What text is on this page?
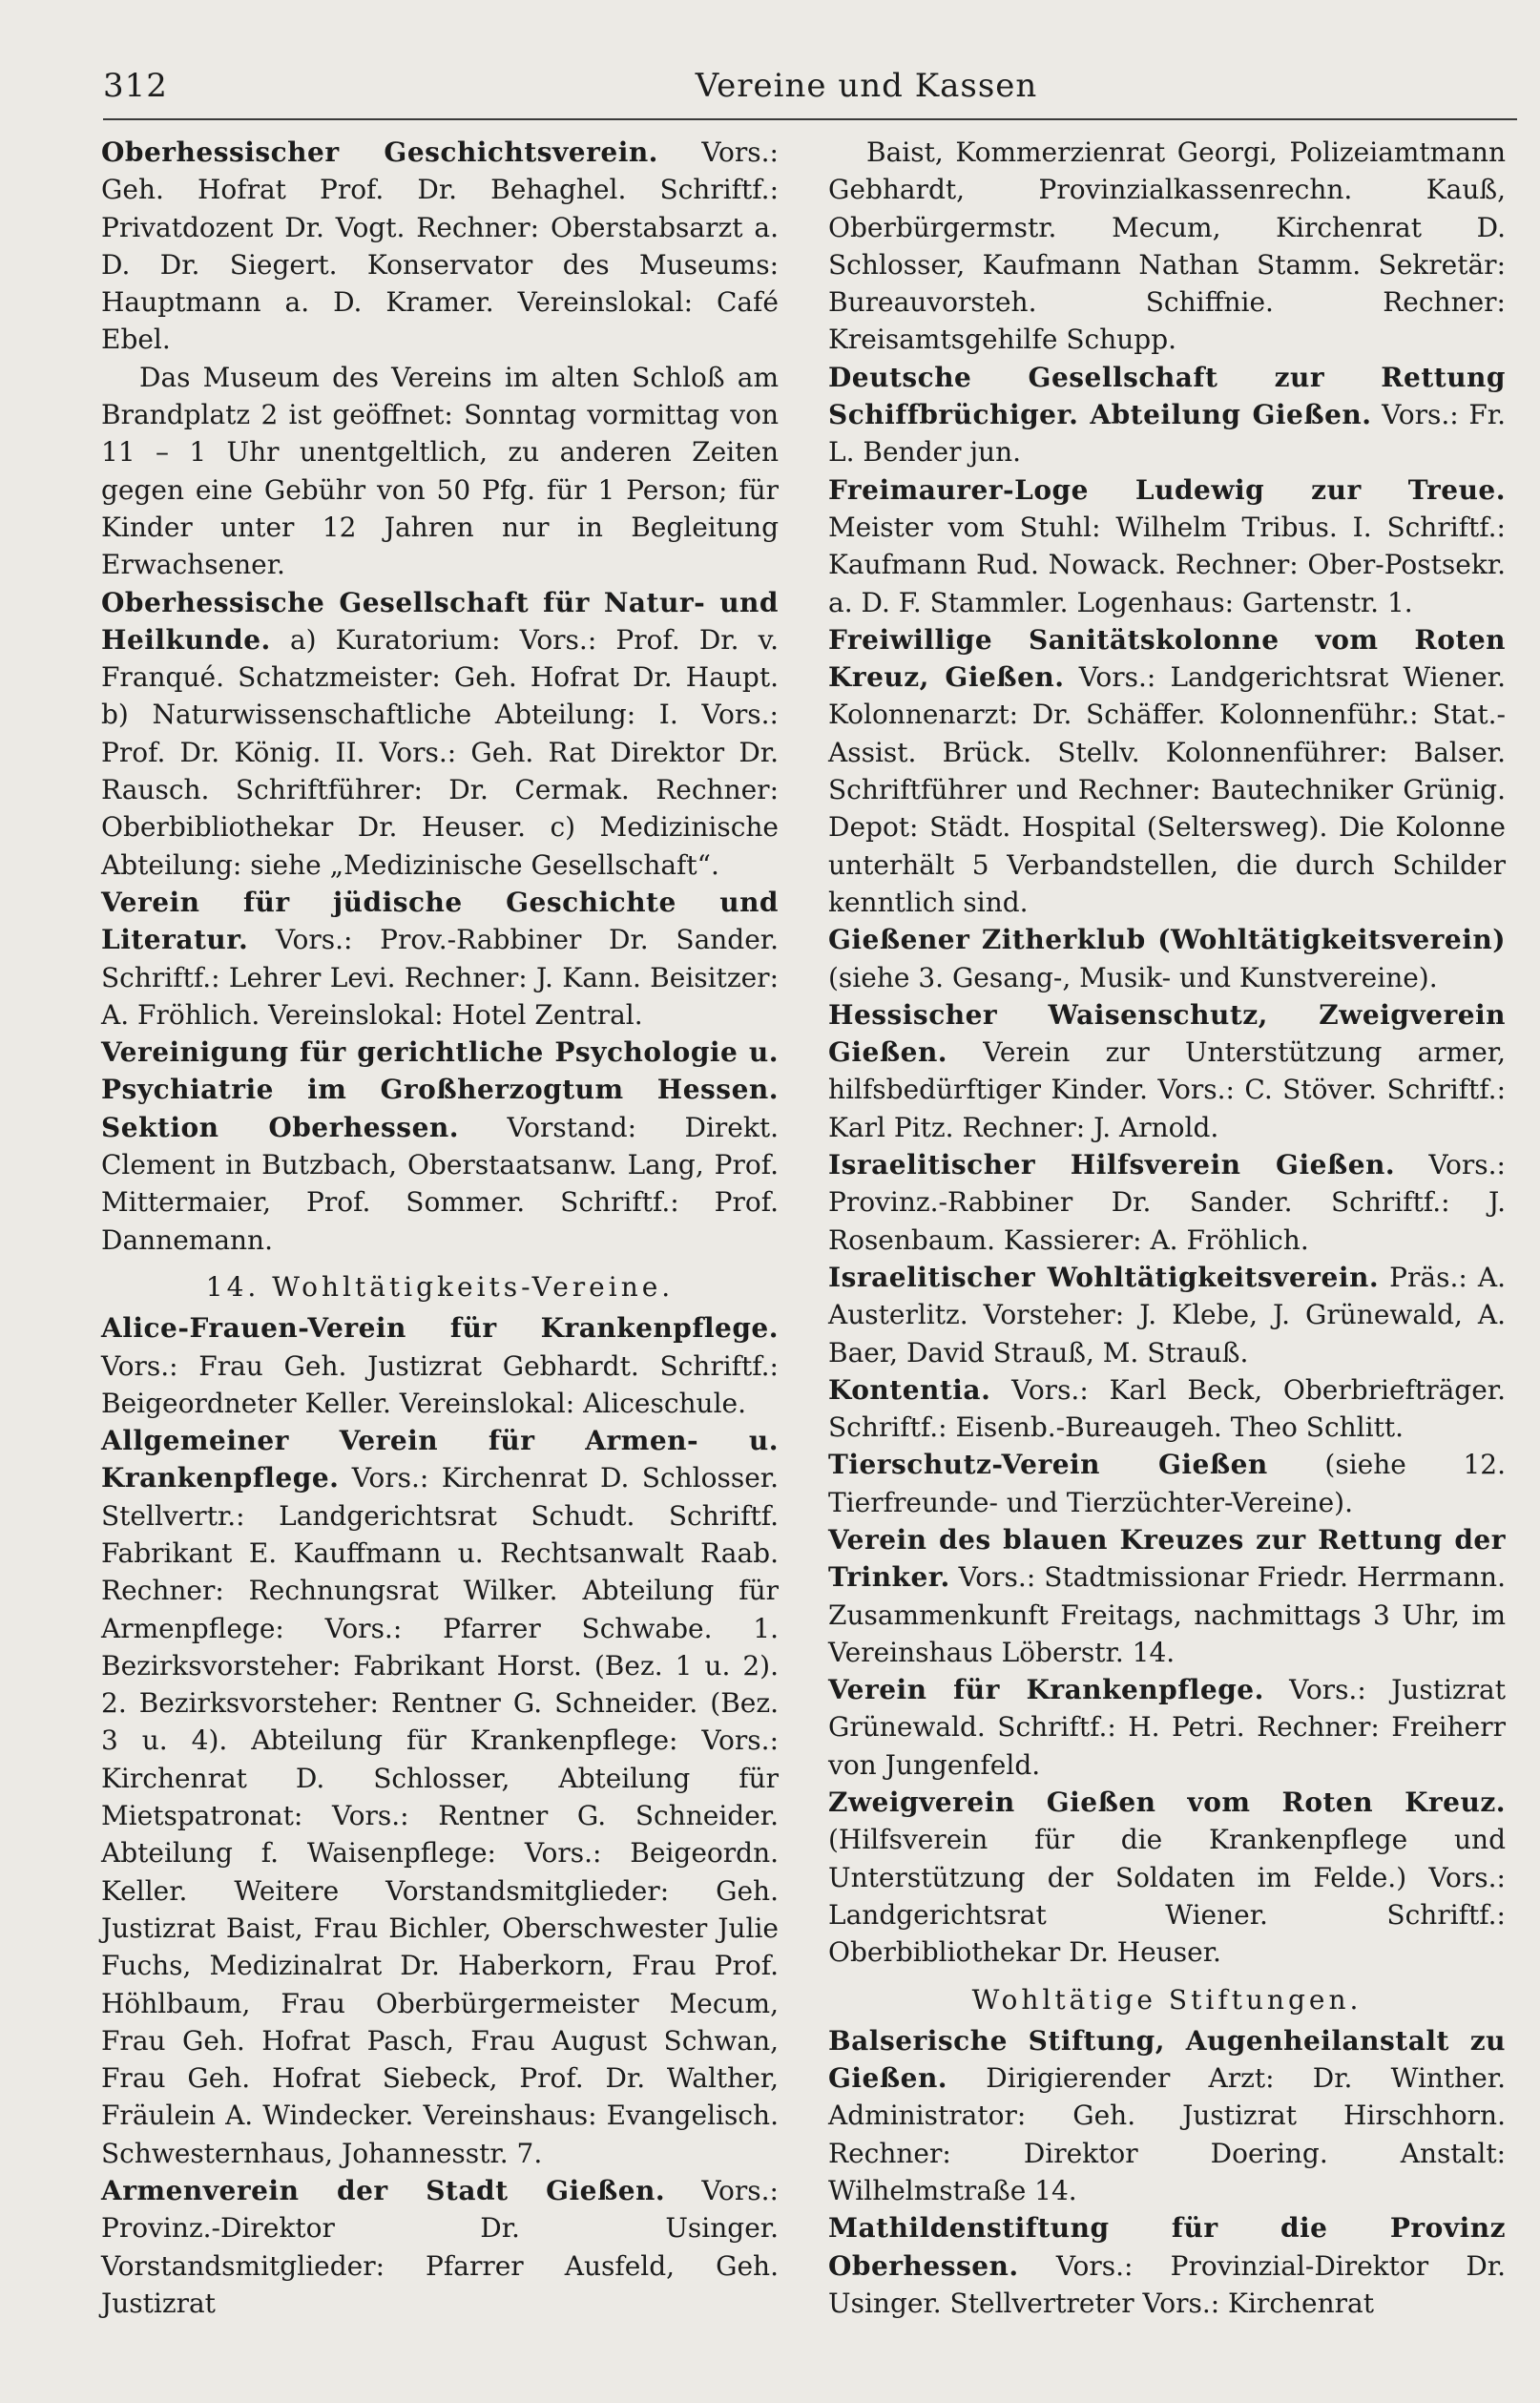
312	Vereine und Kassen

Oberhessischer Geschichtsverein. Vors.: Geh. Hofrat Prof. Dr. Behaghel. Schriftf.: Privatdozent Dr. Vogt. Rechner: Oberstabsarzt a. D. Dr. Siegert. Konservator des Museums: Hauptmann a. D. Kramer. Vereinslokal: Café Ebel.

Das Museum des Vereins im alten Schloß am Brandplatz 2 ist geöffnet: Sonntag vormittag von 11 – 1 Uhr unentgeltlich, zu anderen Zeiten gegen eine Gebühr von 50 Pfg. für 1 Person; für Kinder unter 12 Jahren nur in Begleitung Erwachsener.

Oberhessische Gesellschaft für Natur- und Heilkunde. a) Kuratorium: Vors.: Prof. Dr. v. Franqué. Schatzmeister: Geh. Hofrat Dr. Haupt. b) Naturwissenschaftliche Abteilung: I. Vors.: Prof. Dr. König. II. Vors.: Geh. Rat Direktor Dr. Rausch. Schriftführer: Dr. Cermak. Rechner: Oberbibliothekar Dr. Heuser. c) Medizinische Abteilung: siehe „Medizinische Gesellschaft“.

Verein für jüdische Geschichte und Literatur. Vors.: Prov.-Rabbiner Dr. Sander. Schriftf.: Lehrer Levi. Rechner: J. Kann. Beisitzer: A. Fröhlich. Vereinslokal: Hotel Zentral.

Vereinigung für gerichtliche Psychologie u. Psychiatrie im Großherzogtum Hessen. Sektion Oberhessen. Vorstand: Direkt. Clement in Butzbach, Oberstaatsanw. Lang, Prof. Mittermaier, Prof. Sommer. Schriftf.: Prof. Dannemann.

14. Wohltätigkeits-Vereine.

Alice-Frauen-Verein für Krankenpflege. Vors.: Frau Geh. Justizrat Gebhardt. Schriftf.: Beigeordneter Keller. Vereinslokal: Aliceschule.

Allgemeiner Verein für Armen- u. Krankenpflege. Vors.: Kirchenrat D. Schlosser. Stellvertr.: Landgerichtsrat Schudt. Schriftf. Fabrikant E. Kauffmann u. Rechtsanwalt Raab. Rechner: Rechnungsrat Wilker. Abteilung für Armenpflege: Vors.: Pfarrer Schwabe. 1. Bezirksvorsteher: Fabrikant Horst. (Bez. 1 u. 2). 2. Bezirksvorsteher: Rentner G. Schneider. (Bez. 3 u. 4). Abteilung für Krankenpflege: Vors.: Kirchenrat D. Schlosser, Abteilung für Mietspatronat: Vors.: Rentner G. Schneider. Abteilung f. Waisenpflege: Vors.: Beigeordn. Keller. Weitere Vorstandsmitglieder: Geh. Justizrat Baist, Frau Bichler, Oberschwester Julie Fuchs, Medizinalrat Dr. Haberkorn, Frau Prof. Höhlbaum, Frau Oberbürgermeister Mecum, Frau Geh. Hofrat Pasch, Frau August Schwan, Frau Geh. Hofrat Siebeck, Prof. Dr. Walther, Fräulein A. Windecker. Vereinshaus: Evangelisch. Schwesternhaus, Johannesstr. 7.

Armenverein der Stadt Gießen. Vors.: Provinz.-Direktor Dr. Usinger. Vorstandsmitglieder: Pfarrer Ausfeld, Geh. Justizrat

Baist, Kommerzienrat Georgi, Polizeiamtmann Gebhardt, Provinzialkassenrechn. Kauß, Oberbürgermstr. Mecum, Kirchenrat D. Schlosser, Kaufmann Nathan Stamm. Sekretär: Bureauvorsteh. Schiffnie. Rechner: Kreisamtsgehilfe Schupp.

Deutsche Gesellschaft zur Rettung Schiffbrüchiger. Abteilung Gießen. Vors.: Fr. L. Bender jun.

Freimaurer-Loge Ludewig zur Treue. Meister vom Stuhl: Wilhelm Tribus. I. Schriftf.: Kaufmann Rud. Nowack. Rechner: Ober-Postsekr. a. D. F. Stammler. Logenhaus: Gartenstr. 1.

Freiwillige Sanitätskolonne vom Roten Kreuz, Gießen. Vors.: Landgerichtsrat Wiener. Kolonnenarzt: Dr. Schäffer. Kolonnenführ.: Stat.-Assist. Brück. Stellv. Kolonnenführer: Balser. Schriftführer und Rechner: Bautechniker Grünig. Depot: Städt. Hospital (Seltersweg). Die Kolonne unterhält 5 Verbandstellen, die durch Schilder kenntlich sind.

Gießener Zitherklub (Wohltätigkeitsverein) (siehe 3. Gesang-, Musik- und Kunstvereine).

Hessischer Waisenschutz, Zweigverein Gießen. Verein zur Unterstützung armer, hilfsbedürftiger Kinder. Vors.: C. Stöver. Schriftf.: Karl Pitz. Rechner: J. Arnold.

Israelitischer Hilfsverein Gießen. Vors.: Provinz.-Rabbiner Dr. Sander. Schriftf.: J. Rosenbaum. Kassierer: A. Fröhlich.

Israelitischer Wohltätigkeitsverein. Präs.: A. Austerlitz. Vorsteher: J. Klebe, J. Grünewald, A. Baer, David Strauß, M. Strauß.

Kontentia. Vors.: Karl Beck, Oberbriefträger. Schriftf.: Eisenb.-Bureaugeh. Theo Schlitt.

Tierschutz-Verein Gießen (siehe 12. Tierfreunde- und Tierzüchter-Vereine).

Verein des blauen Kreuzes zur Rettung der Trinker. Vors.: Stadtmissionar Friedr. Herrmann. Zusammenkunft Freitags, nachmittags 3 Uhr, im Vereinshaus Löberstr. 14.

Verein für Krankenpflege. Vors.: Justizrat Grünewald. Schriftf.: H. Petri. Rechner: Freiherr von Jungenfeld.

Zweigverein Gießen vom Roten Kreuz. (Hilfsverein für die Krankenpflege und Unterstützung der Soldaten im Felde.) Vors.: Landgerichtsrat Wiener. Schriftf.: Oberbibliothekar Dr. Heuser.

Wohltätige Stiftungen.

Balserische Stiftung, Augenheilanstalt zu Gießen. Dirigierender Arzt: Dr. Winther. Administrator: Geh. Justizrat Hirschhorn. Rechner: Direktor Doering. Anstalt: Wilhelmstraße 14.

Mathildenstiftung für die Provinz Oberhessen. Vors.: Provinzial-Direktor Dr. Usinger. Stellvertreter Vors.: Kirchenrat
